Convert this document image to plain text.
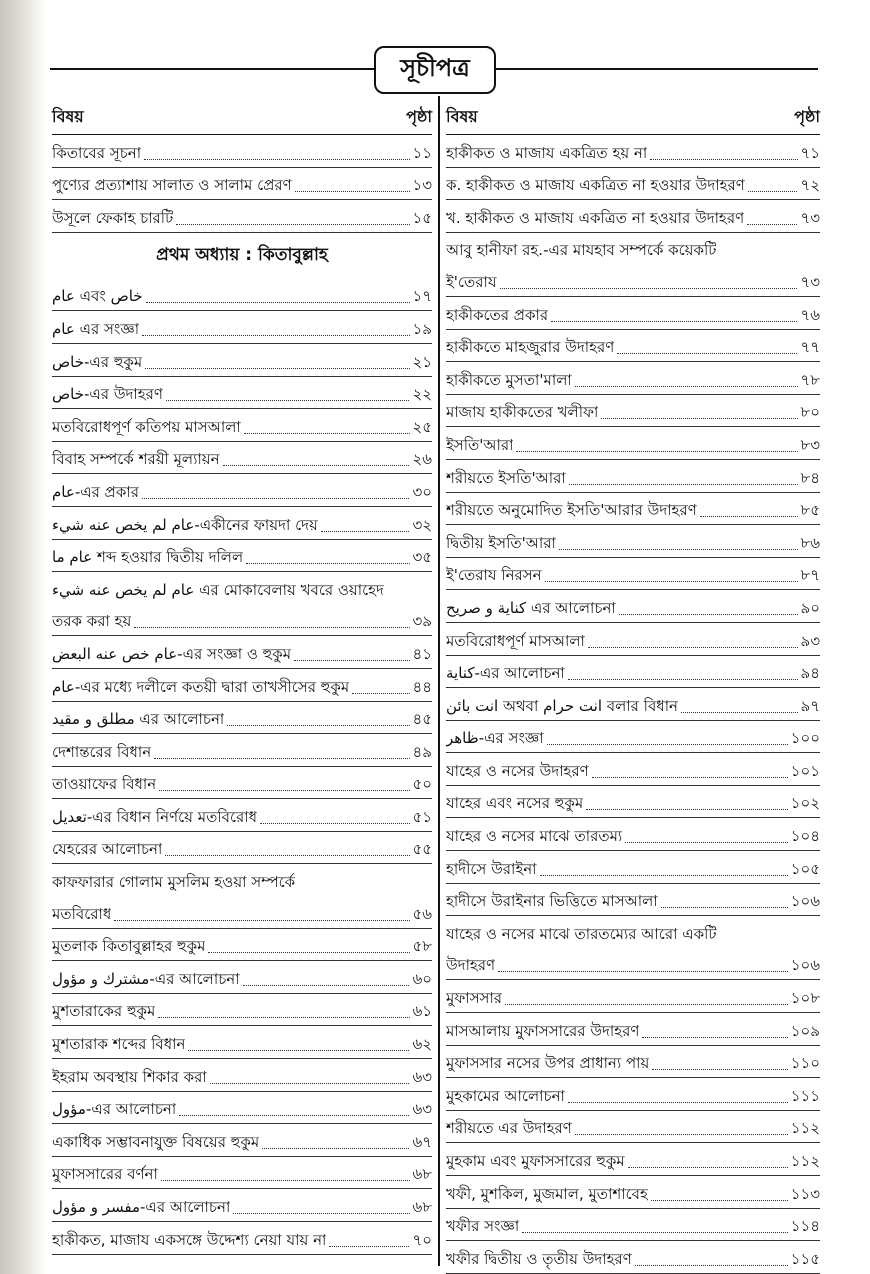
সূচীপত্র
বিষয়	পৃষ্ঠা
কিতাবের সূচনা	১১
পুণ্যের প্রত্যাশায় সালাত ও সালাম প্রেরণ	১৩
উসূলে ফেকাহ চারটি	১৫
প্রথম অধ্যায় : কিতাবুল্লাহ
عام এবং خاص	১৭
عام এর সংজ্ঞা	১৯
خاص-এর হুকুম	২১
خاص-এর উদাহরণ	২২
মতবিরোধপূর্ণ কতিপয় মাসআলা	২৫
বিবাহ সম্পর্কে শরয়ী মূল্যায়ন	২৬
عام-এর প্রকার	৩০
عام لم يخص عنه شيء-একীনের ফায়দা দেয়	৩২
عام ما শব্দ হওয়ার দ্বিতীয় দলিল	৩৫
عام لم يخص عنه شيء এর মোকাবেলায় খবরে ওয়াহেদ
তরক করা হয়	৩৯
عام خص عنه البعض-এর সংজ্ঞা ও হুকুম	৪১
عام-এর মধ্যে দলীলে কতয়ী দ্বারা তাখসীসের হুকুম	৪৪
مطلق و مقيد এর আলোচনা	৪৫
দেশান্তরের বিধান	৪৯
তাওয়াফের বিধান	৫০
تعديل-এর বিধান নির্ণয়ে মতবিরোধ	৫১
যেহরের আলোচনা	৫৫
কাফফারার গোলাম মুসলিম হওয়া সম্পর্কে
মতবিরোধ	৫৬
মুতলাক কিতাবুল্লাহর হুকুম	৫৮
مشترك و مؤول-এর আলোচনা	৬০
মুশতারাকের হুকুম	৬১
মুশতারাক শব্দের বিধান	৬২
ইহরাম অবস্থায় শিকার করা	৬৩
مؤول-এর আলোচনা	৬৩
একাধিক সম্ভাবনাযুক্ত বিষয়ের হুকুম	৬৭
মুফাসসারের বর্ণনা	৬৮
مفسر و مؤول-এর আলোচনা	৬৮
হাকীকত, মাজায একসঙ্গে উদ্দেশ্য নেয়া যায় না	৭০
বিষয়	পৃষ্ঠা
হাকীকত ও মাজায একত্রিত হয় না	৭১
ক. হাকীকত ও মাজায একত্রিত না হওয়ার উদাহরণ	৭২
খ. হাকীকত ও মাজায একত্রিত না হওয়ার উদাহরণ	৭৩
আবু হানীফা রহ.-এর মাযহাব সম্পর্কে কয়েকটি
ই'তেরায	৭৩
হাকীকতের প্রকার	৭৬
হাকীকতে মাহজুরার উদাহরণ	৭৭
হাকীকতে মুসতা'মালা	৭৮
মাজায হাকীকতের খলীফা	৮০
ইসতি'আরা	৮৩
শরীয়তে ইসতি'আরা	৮৪
শরীয়তে অনুমোদিত ইসতি'আরার উদাহরণ	৮৫
দ্বিতীয় ইসতি'আরা	৮৬
ই'তেরায নিরসন	৮৭
كناية و صريح এর আলোচনা	৯০
মতবিরোধপূর্ণ মাসআলা	৯৩
كناية-এর আলোচনা	৯৪
انت بائن অথবা انت حرام বলার বিধান	৯৭
ظاهر-এর সংজ্ঞা	১০০
যাহের ও নসের উদাহরণ	১০১
যাহের এবং নসের হুকুম	১০২
যাহের ও নসের মাঝে তারতম্য	১০৪
হাদীসে উরাইনা	১০৫
হাদীসে উরাইনার ভিত্তিতে মাসআলা	১০৬
যাহের ও নসের মাঝে তারতম্যের আরো একটি
উদাহরণ	১০৬
মুফাসসার	১০৮
মাসআলায় মুফাসসারের উদাহরণ	১০৯
মুফাসসার নসের উপর প্রাধান্য পায়	১১০
মুহকামের আলোচনা	১১১
শরীয়তে এর উদাহরণ	১১২
মুহকাম এবং মুফাসসারের হুকুম	১১২
খফী, মুশকিল, মুজমাল, মুতাশাবেহ	১১৩
খফীর সংজ্ঞা	১১৪
খফীর দ্বিতীয় ও তৃতীয় উদাহরণ	১১৫
